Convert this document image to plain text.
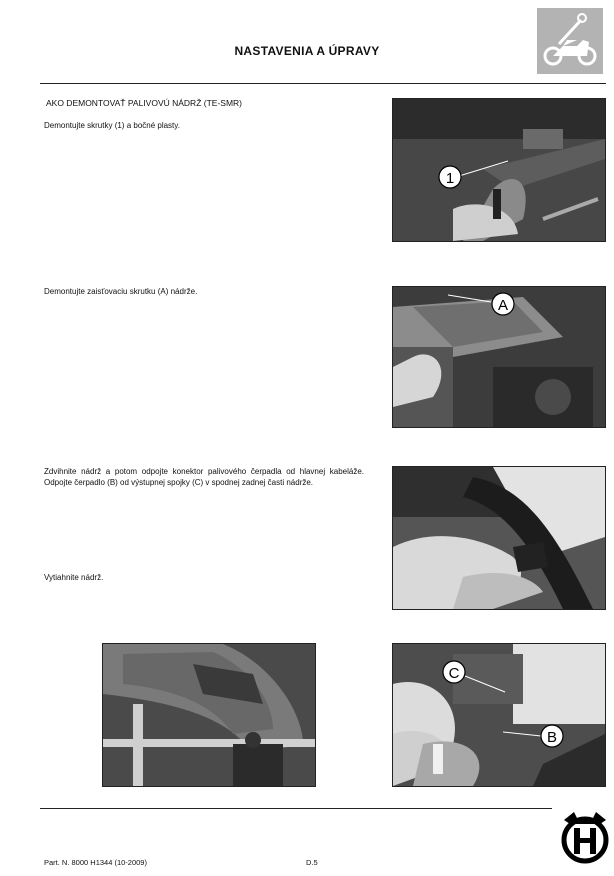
NASTAVENIA A ÚPRAVY
AKO DEMONTOVAŤ PALIVOVÚ NÁDRŽ (TE-SMR)
Demontujte skrutky (1) a bočné plasty.
1
Demontujte zaisťovaciu skrutku (A) nádrže.
A
Zdvihnite nádrž a potom odpojte konektor palivového čerpadla od hlavnej kabeláže. Odpojte čerpadlo (B) od výstupnej spojky (C) v spodnej zadnej časti nádrže.
Vytiahnite nádrž.
C
B
Part. N. 8000 H1344 (10-2009)	D.5
